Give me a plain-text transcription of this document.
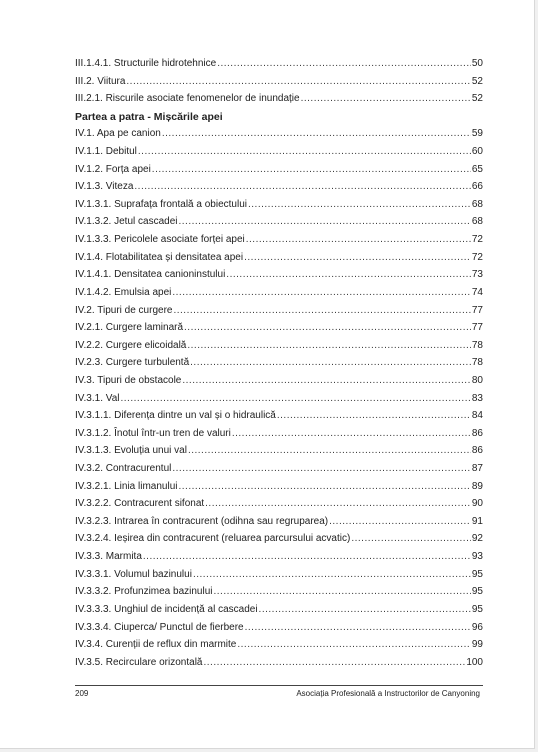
III.1.4.1. Structurile hidrotehnice .....	50
III.2. Viitura .....	52
III.2.1. Riscurile asociate fenomenelor de inundație .....	52
Partea a patra - Mișcările apei
IV.1. Apa pe canion .....	59
IV.1.1. Debitul .....	60
IV.1.2. Forța apei .....	65
IV.1.3. Viteza .....	66
IV.1.3.1. Suprafața frontală a obiectului .....	68
IV.1.3.2. Jetul cascadei .....	68
IV.1.3.3. Pericolele asociate forței apei .....	72
IV.1.4. Flotabilitatea și densitatea apei .....	72
IV.1.4.1. Densitatea canioninstului .....	73
IV.1.4.2. Emulsia apei .....	74
IV.2. Tipuri de curgere .....	77
IV.2.1. Curgere laminară .....	77
IV.2.2. Curgere elicoidală .....	78
IV.2.3. Curgere turbulentă .....	78
IV.3. Tipuri de obstacole .....	80
IV.3.1. Val .....	83
IV.3.1.1. Diferența dintre un val și o hidraulică .....	84
IV.3.1.2. Înotul într-un tren de valuri .....	86
IV.3.1.3. Evoluția unui val .....	86
IV.3.2. Contracurentul .....	87
IV.3.2.1. Linia limanului .....	89
IV.3.2.2. Contracurent sifonat .....	90
IV.3.2.3. Intrarea în contracurent (odihna sau regruparea) .....	91
IV.3.2.4. Ieșirea din contracurent (reluarea parcursului acvatic) .....	92
IV.3.3. Marmita .....	93
IV.3.3.1. Volumul bazinului .....	95
IV.3.3.2. Profunzimea bazinului .....	95
IV.3.3.3. Unghiul de incidență al cascadei .....	95
IV.3.3.4. Ciuperca/ Punctul de fierbere .....	96
IV.3.4. Curenții de reflux din marmite .....	99
IV.3.5. Recirculare orizontală .....	100
209	Asociația Profesională a Instructorilor de Canyoning
